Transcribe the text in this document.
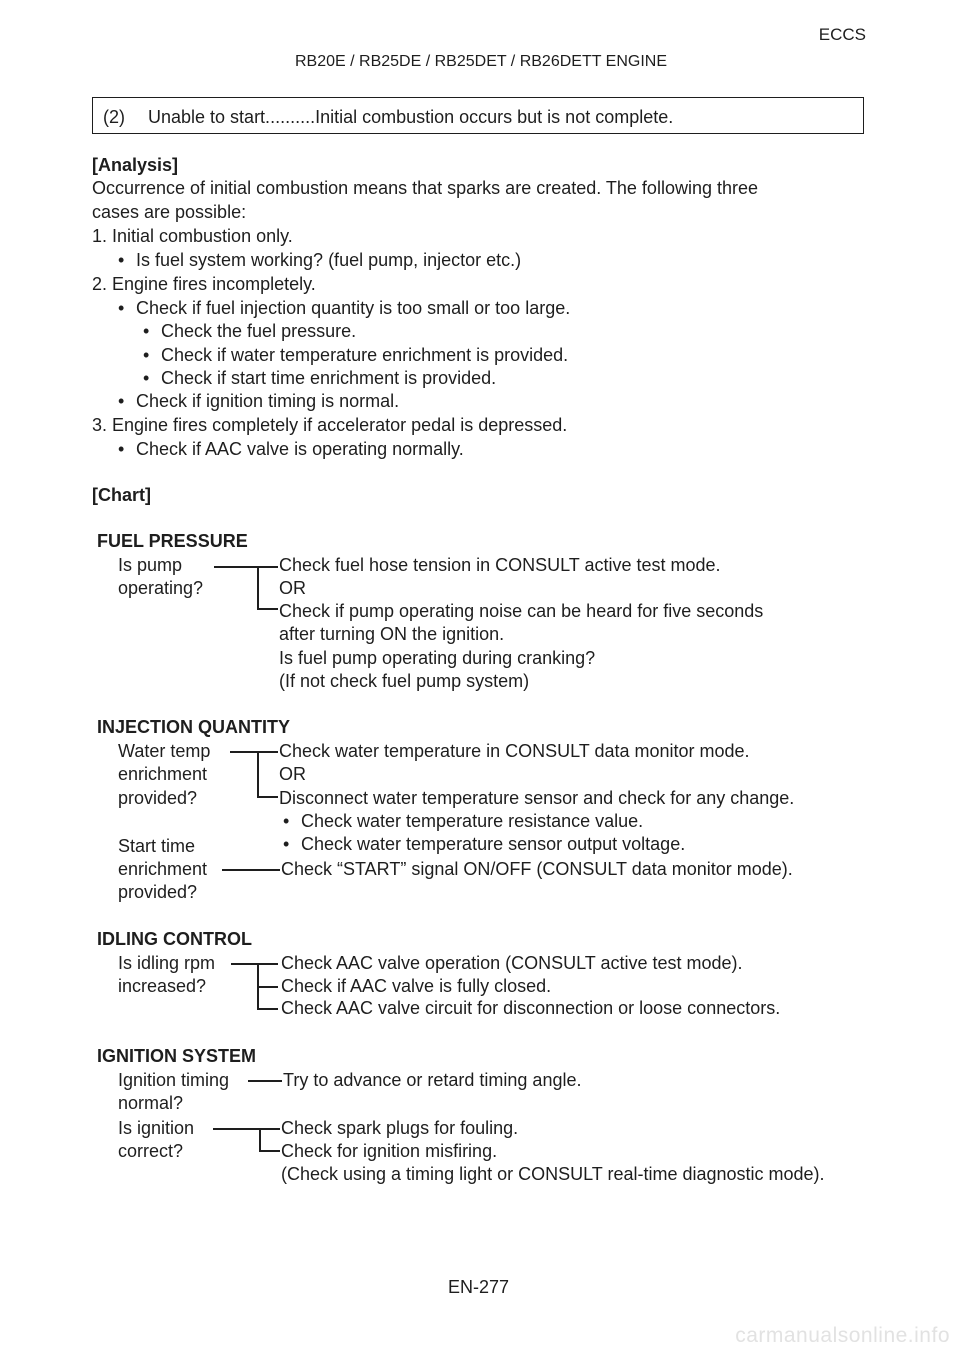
ECCS
RB20E / RB25DE / RB25DET / RB26DETT ENGINE
(2) Unable to start..........Initial combustion occurs but is not complete.
[Analysis]
Occurrence of initial combustion means that sparks are created. The following three
cases are possible:
1. Initial combustion only.
• Is fuel system working? (fuel pump, injector etc.)
2. Engine fires incompletely.
• Check if fuel injection quantity is too small or too large.
• Check the fuel pressure.
• Check if water temperature enrichment is provided.
• Check if start time enrichment is provided.
• Check if ignition timing is normal.
3. Engine fires completely if accelerator pedal is depressed.
• Check if AAC valve is operating normally.
[Chart]
FUEL PRESSURE
Is pump
operating?
Check fuel hose tension in CONSULT active test mode.
OR
Check if pump operating noise can be heard for five seconds
after turning ON the ignition.
Is fuel pump operating during cranking?
(If not check fuel pump system)
INJECTION QUANTITY
Water temp
enrichment
provided?
Check water temperature in CONSULT data monitor mode.
OR
Disconnect water temperature sensor and check for any change.
• Check water temperature resistance value.
• Check water temperature sensor output voltage.
Start time
enrichment
provided?
Check “START” signal ON/OFF (CONSULT data monitor mode).
IDLING CONTROL
Is idling rpm
increased?
Check AAC valve operation (CONSULT active test mode).
Check if AAC valve is fully closed.
Check AAC valve circuit for disconnection or loose connectors.
IGNITION SYSTEM
Ignition timing
normal?
Try to advance or retard timing angle.
Is ignition
correct?
Check spark plugs for fouling.
Check for ignition misfiring.
(Check using a timing light or CONSULT real-time diagnostic mode).
EN-277
carmanualsonline.info
